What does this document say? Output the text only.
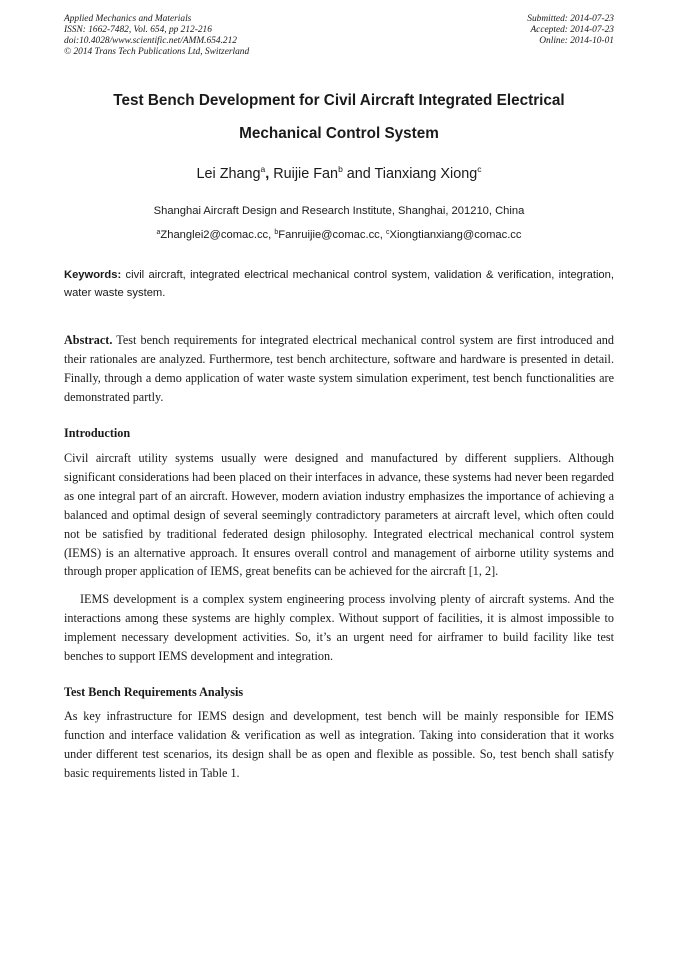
Applied Mechanics and Materials
ISSN: 1662-7482, Vol. 654, pp 212-216
doi:10.4028/www.scientific.net/AMM.654.212
© 2014 Trans Tech Publications Ltd, Switzerland
Submitted: 2014-07-23
Accepted: 2014-07-23
Online: 2014-10-01
Test Bench Development for Civil Aircraft Integrated Electrical
Mechanical Control System
Lei Zhang$^a$, Ruijie Fan$^b$ and Tianxiang Xiong$^c$
Shanghai Aircraft Design and Research Institute, Shanghai, 201210, China
$^a$Zhanglei2@comac.cc, $^b$Fanruijie@comac.cc, $^c$Xiongtianxiang@comac.cc
Keywords: civil aircraft, integrated electrical mechanical control system, validation & verification, integration, water waste system.

Abstract. Test bench requirements for integrated electrical mechanical control system are first introduced and their rationales are analyzed. Furthermore, test bench architecture, software and hardware is presented in detail. Finally, through a demo application of water waste system simulation experiment, test bench functionalities are demonstrated partly.

Introduction

Civil aircraft utility systems usually were designed and manufactured by different suppliers. Although significant considerations had been placed on their interfaces in advance, these systems had never been regarded as one integral part of an aircraft. However, modern aviation industry emphasizes the importance of achieving a balanced and optimal design of several seemingly contradictory parameters at aircraft level, which often could not be satisfied by traditional federated design philosophy. Integrated electrical mechanical control system (IEMS) is an alternative approach. It ensures overall control and management of airborne utility systems and through proper application of IEMS, great benefits can be achieved for the aircraft [1, 2].

IEMS development is a complex system engineering process involving plenty of aircraft systems. And the interactions among these systems are highly complex. Without support of facilities, it is almost impossible to implement necessary development activities. So, it’s an urgent need for airframer to build facility like test benches to support IEMS development and integration.

Test Bench Requirements Analysis

As key infrastructure for IEMS design and development, test bench will be mainly responsible for IEMS function and interface validation & verification as well as integration. Taking into consideration that it works under different test scenarios, its design shall be as open and flexible as possible. So, test bench shall satisfy basic requirements listed in Table 1.
